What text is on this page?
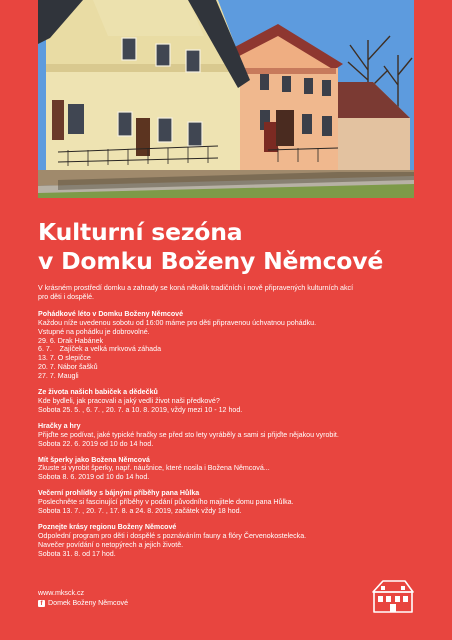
Kulturní sezóna
v Domku Boženy Němcové
V krásném prostředí domku a zahrady se koná několik tradičních i nově připravených kulturních akcí
pro děti i dospělé.
Pohádkové léto v Domku Boženy Němcové
Každou níže uvedenou sobotu od 16:00 máme pro děti připravenou úchvatnou pohádku.
Vstupné na pohádku je dobrovolné.
29. 6. Drak Habánek
6. 7.    Zajíček a velká mrkvová záhada
13. 7. O slepičce
20. 7. Nábor šašků
27. 7. Maugli
Ze života našich babiček a dědečků
Kde bydleli, jak pracovali a jaký vedli život naši předkové?
Sobota 25. 5. , 6. 7. , 20. 7. a 10. 8. 2019, vždy mezi 10 - 12 hod.
Hračky a hry
Přijďte se podívat, jaké typické hračky se před sto lety vyráběly a sami si přijďte nějakou vyrobit.
Sobota 22. 6. 2019 od 10 do 14 hod.
Mít šperky jako Božena Němcová
Zkuste si vyrobit šperky, např. náušnice, které nosila i Božena Němcová...
Sobota 8. 6. 2019 od 10 do 14 hod.
Večerní prohlídky s bájnými příběhy pana Hůlka
Poslechněte si fascinující příběhy v podání původního majitele domu pana Hůlka.
Sobota 13. 7. , 20. 7. , 17. 8. a 24. 8. 2019, začátek vždy 18 hod.
Poznejte krásy regionu Boženy Němcové
Odpolední program pro děti i dospělé s poznáváním fauny a flóry Červenokostelecka.
Navečer povídání o netopýrech a jejich životě.
Sobota 31. 8. od 17 hod.
www.mksck.cz
f Domek Boženy Němcové
